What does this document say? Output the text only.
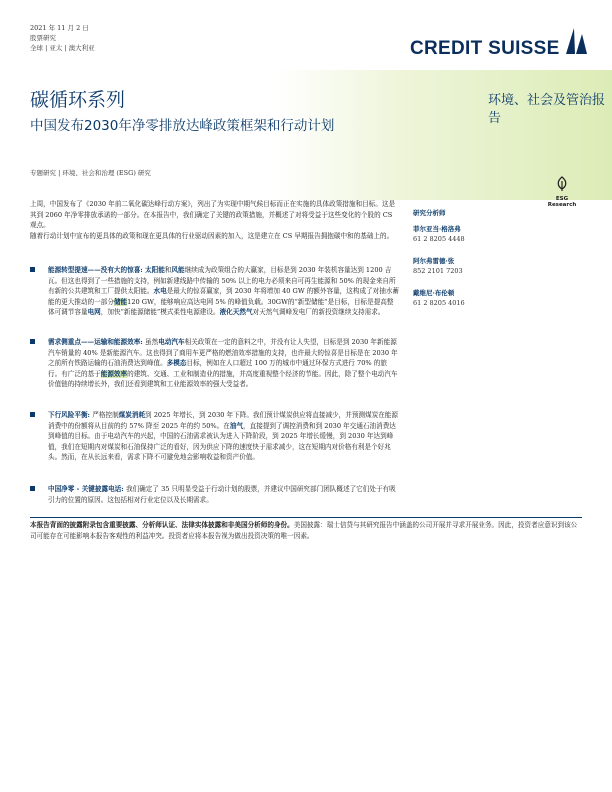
2021 年 11 月 2 日
股票研究
全球 | 亚太 | 澳大利亚	CREDIT SUISSE
碳循环系列
中国发布2030年净零排放达峰政策框架和行动计划
环境、社会及管治报告
专题研究 | 环境、社会和治理 (ESG) 研究
ESG
Research

上周，中国发布了《2030 年前二氧化碳达峰行动方案》，列出了为实现中期气候目标而正在实施的具体政策措施和目标。这是其到 2060 年净零排放承诺的一部分。在本报告中，我们确定了关键的政策措施，并概述了对将受益于这些变化的个股的 CS 观点。

随着行动计划中宣布的更具体的政策和现在更具体的行业驱动因素的加入，这是建立在 CS 早期报告拥抱碳中和的基础上的。

能源转型提速——没有大的惊喜: 太阳能和风能继续成为政策组合的大赢家，目标是到 2030 年装机容量达到 1200 吉瓦。但这也得到了一些措施的支持，例如新建线路中传输的 50% 以上的电力必须来自可再生能源和 50% 的现金来自所有新的公共建筑和工厂提供太阳能。水电是最大的惊喜赢家，到 2030 年将增加 40 GW 的额外容量，这构成了对抽水蓄能的更大推动的一部分储能120 GW，能够响应高达电网 5% 的峰值负载。30GW的“新型储能”是目标，目标是提高整体可调节容量电网，加快“新能源储能”模式柔性电源建设。液化天然气对天然气调峰发电厂的新投资继续支持需求。
需求侧重点——运输和能源效率: 虽然电动汽车相关政策在一定的意料之中，并没有让人失望，目标是到 2030 年新能源汽车销量的 40% 是新能源汽车。这也得到了商用车更严格的燃油效率措施的支持，也许最大的惊喜是目标是在 2030 年之前所有铁路运输的石油消费达到峰值。多模态目标，例如在人口超过 100 万的城市中通过环保方式进行 70% 的旅行。有广泛的基于能源效率的建筑、交通、工业和制造业的措施，并高度重视整个经济的节能。因此，除了整个电动汽车价值链的持续增长外，我们还看到建筑和工业能源效率的强大受益者。
下行风险平衡: 严格控制煤炭消耗到 2025 年增长，到 2030 年下降。我们预计煤炭供应将直接减少，并预测煤炭在能源消费中的份额将从目前的约 57% 降至 2025 年的约 50%。在油气，直接提到了调控消费和到 2030 年交通石油消费达到峰值的目标。由于电动汽车的兴起，中国的石油需求被认为进入下降阶段，到 2025 年增长缓慢，到 2030 年达到峰值，我们在短期内对煤炭和石油保持广泛的看好，因为供应下降的速度快于需求减少，这在短期内对价格有利是个好兆头。然而，在从长远来看，需求下降不可避免地会影响收益和资产价值。
中国净零 - 关键披露电话: 我们确定了 35 只明显受益于行动计划的股票，并建议中国研究部门团队概述了它们处于有吸引力的位置的原因。这包括相对行业定位以及长期需求。
研究分析师
菲尔亚当·格洛弗
61 2 8205 4448
阿尔弗雷德·张
852 2101 7203
戴维尼·布伦顿
61 2 8205 4016
本报告背面的披露附录包含重要披露、分析师认证、法律实体披露和非美国分析师的身份。美国披露：瑞士信贷与其研究报告中涵盖的公司开展并寻求开展业务。因此，投资者应意识到该公司可能存在可能影响本报告客观性的利益冲突。投资者应将本报告视为做出投资决策的唯一因素。
